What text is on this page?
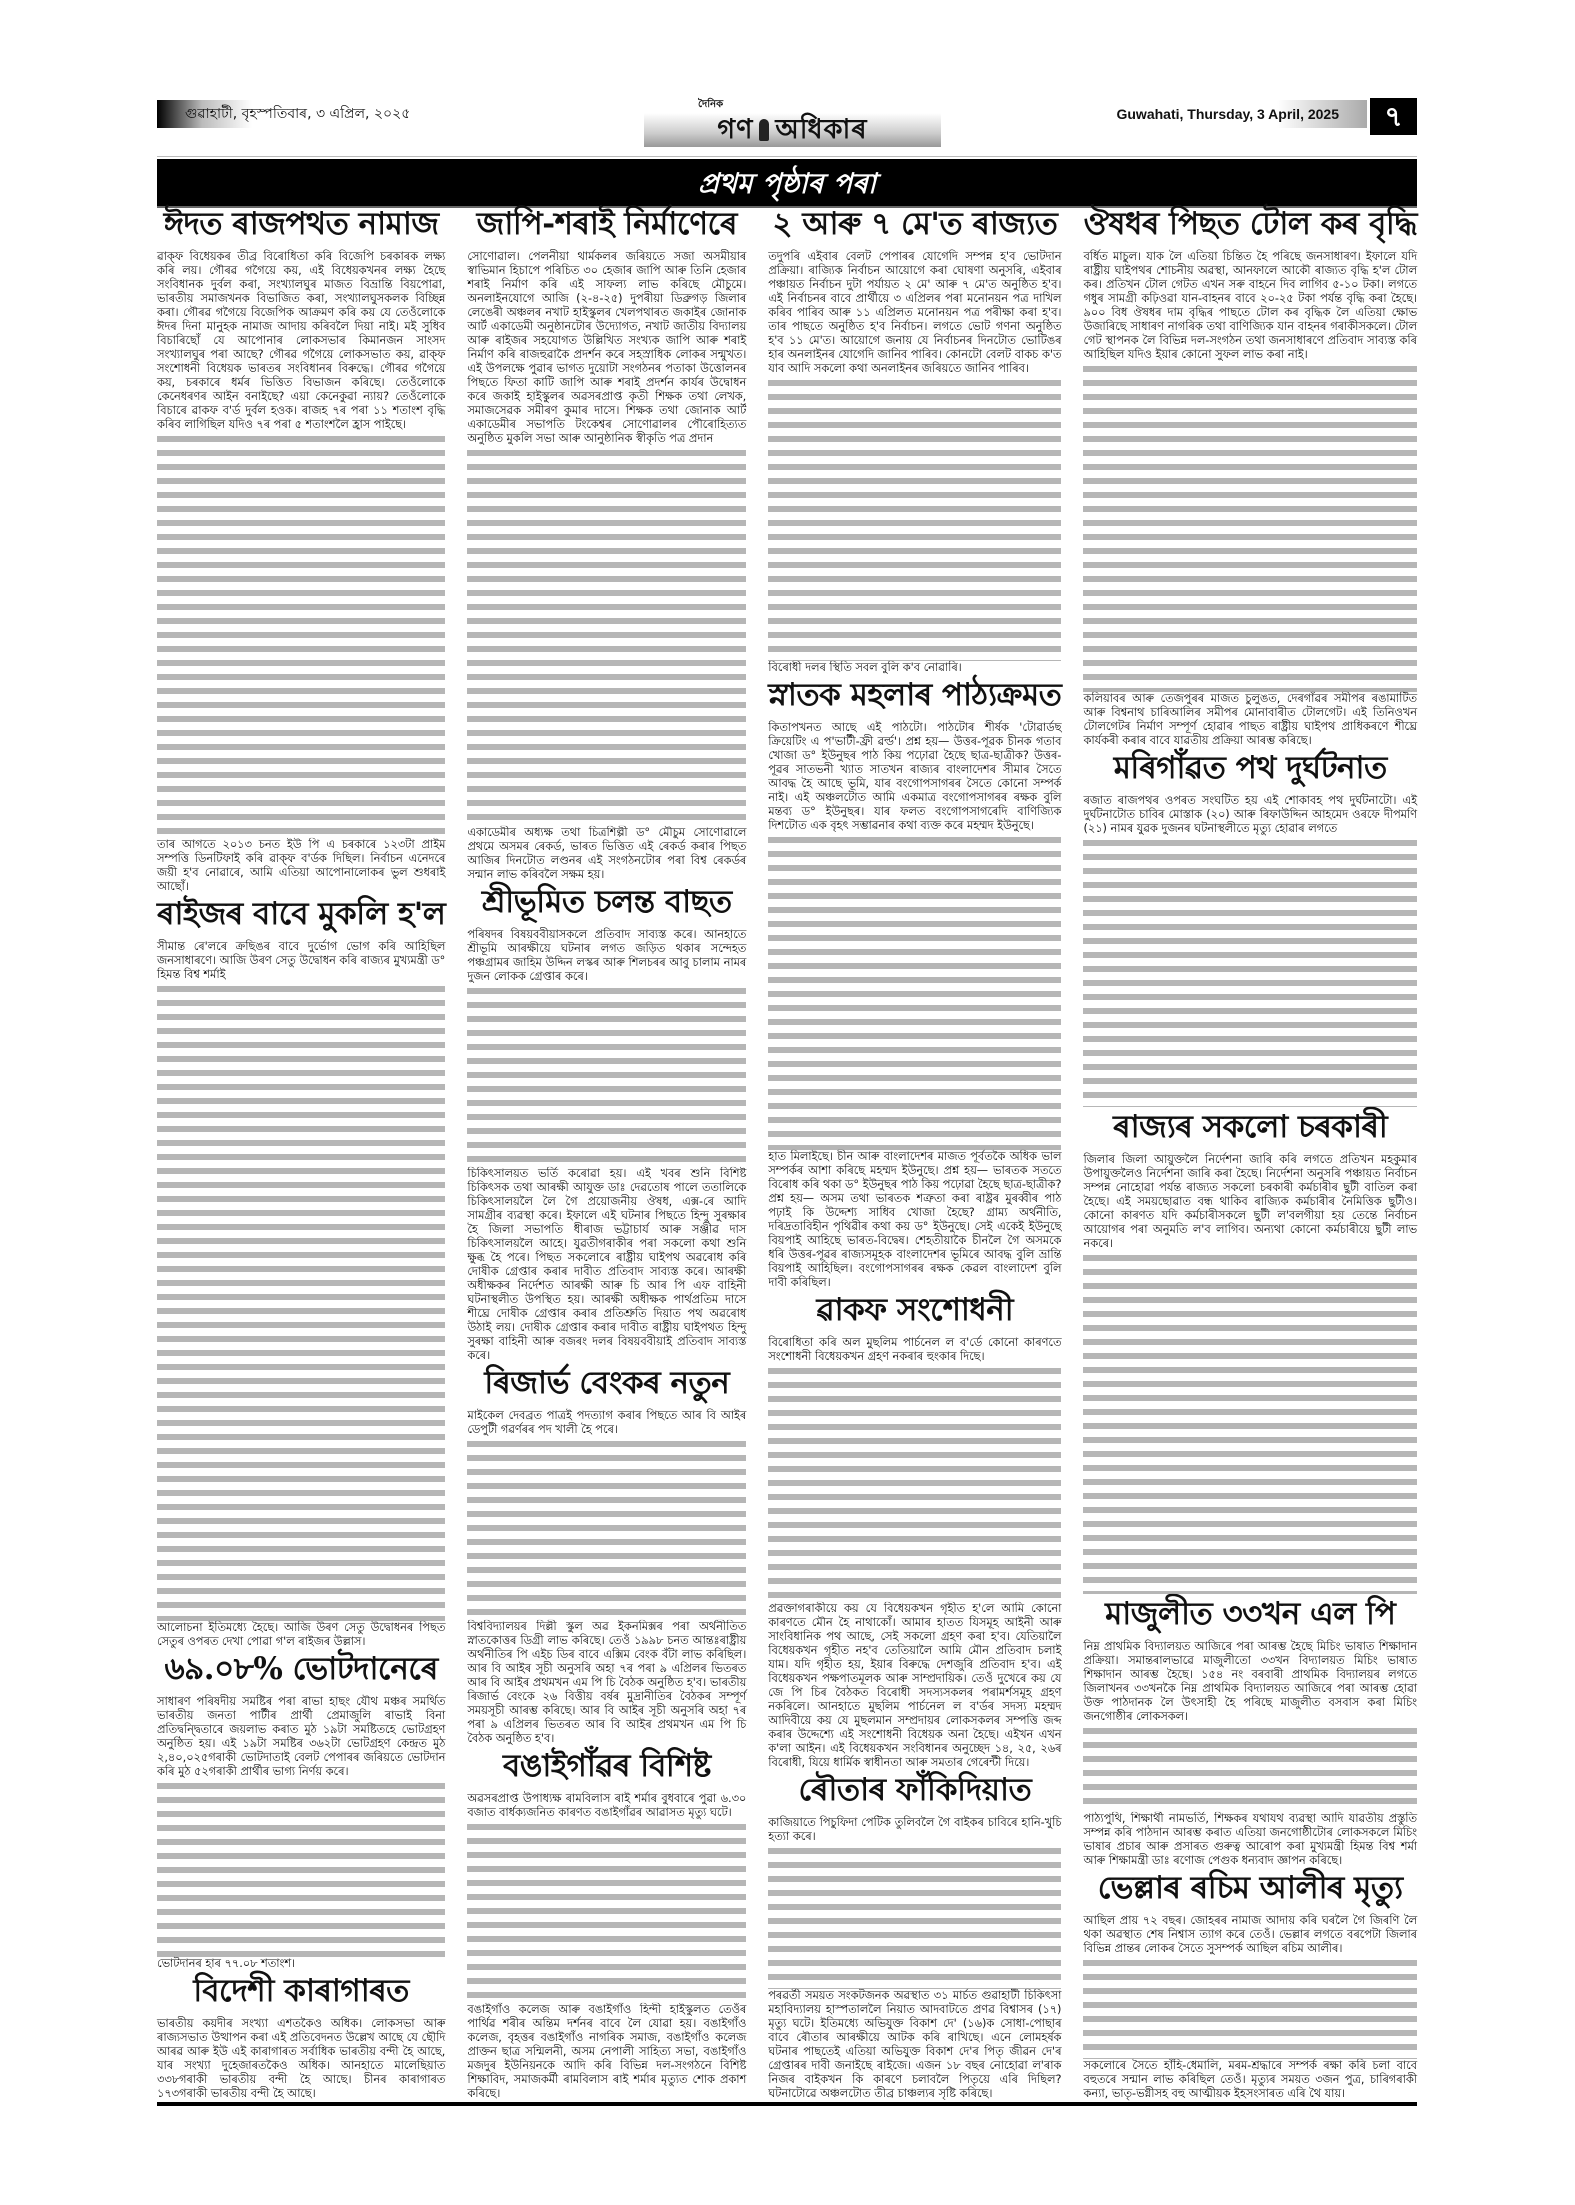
গুৱাহাটী, বৃহস্পতিবাৰ, ৩ এপ্ৰিল, ২০২৫
দৈনিক
গণ অধিকাৰ	Guwahati, Thursday, 3 April, 2025	৭
প্ৰথম পৃষ্ঠাৰ পৰা
ঈদত ৰাজপথত নামাজ

ৱাক্ফ বিধেয়কৰ তীব্ৰ বিৰোধিতা কৰি বিজেপি চৰকাৰক লক্ষ্য কৰি লয়। গৌৰৱ গগৈয়ে কয়, এই বিধেয়কখনৰ লক্ষ্য হৈছে সংবিধানক দুৰ্বল কৰা, সংখ্যালঘুৰ মাজত বিভ্ৰান্তি বিয়পোৱা, ভাৰতীয় সমাজখনক বিভাজিত কৰা, সংখ্যালঘুসকলক বিচ্ছিন্ন কৰা। গৌৰৱ গগৈয়ে বিজেপিক আক্ৰমণ কৰি কয় যে তেওঁলোকে ঈদৰ দিনা মানুহক নামাজ আদায় কৰিবলৈ দিয়া নাই। মই সুধিব বিচাৰিছোঁ যে আপোনাৰ লোকসভাৰ কিমানজন সাংসদ সংখ্যালঘুৰ পৰা আছে? গৌৰৱ গগৈয়ে লোকসভাত কয়, ৱাক্ফ সংশোধনী বিধেয়ক ভাৰতৰ সংবিধানৰ বিৰুদ্ধে। গৌৰৱ গগৈয়ে কয়, চৰকাৰে ধৰ্মৰ ভিত্তিত বিভাজন কৰিছে। তেওঁলোকে কেনেধৰণৰ আইন বনাইছে? এয়া কেনেকুৱা ন্যায়? তেওঁলোকে বিচাৰে ৱাকফ ব'ৰ্ড দুৰ্বল হওক। ৰাজহ ৭ৰ পৰা ১১ শতাংশ বৃদ্ধি কৰিব লাগিছিল যদিও ৭ৰ পৰা ৫ শতাংশলৈ হ্ৰাস পাইছে।

তাৰ আগতে ২০১৩ চনত ইউ পি এ চৰকাৰে ১২৩টা প্ৰাইম সম্পত্তি ডিনটিফাই কৰি ৱাক্ফ ব'ৰ্ডক দিছিল। নিৰ্বাচন এনেদৰে জয়ী হ'ব নোৱাৰে, আমি এতিয়া আপোনালোকৰ ভুল শুধৰাই আছোঁ।

ৰাইজৰ বাবে মুকলি হ'ল

সীমান্ত ৰে'লৰে ক্ৰছিঙৰ বাবে দুৰ্ভোগ ভোগ কৰি আহিছিল জনসাধাৰণে। আজি উৰণ সেতু উদ্বোধন কৰি ৰাজ্যৰ মুখ্যমন্ত্ৰী ড° হিমন্ত বিশ্ব শৰ্মাই

আলোচনা ইতিমধ্যে হৈছে। আজি উৰণ সেতু উদ্বোধনৰ পিছত সেতুৰ ওপৰত দেখা পোৱা গ'ল ৰাইজৰ উল্লাস।

৬৯.০৮% ভোটদানেৰে

সাধাৰণ পৰিষদীয় সমষ্টিৰ পৰা ৰাভা হাছং যৌথ মঞ্চৰ সমৰ্থিত ভাৰতীয় জনতা পাৰ্টীৰ প্ৰাৰ্থী প্ৰেমাজুলি ৰাভাই বিনা প্ৰতিদ্বন্দ্বিতাৰে জয়লাভ কৰাত মুঠ ১৯টা সমষ্টিতহে ভোটগ্ৰহণ অনুষ্ঠিত হয়। এই ১৯টা সমষ্টিৰ ৩৬২টা ভোটগ্ৰহণ কেন্দ্ৰত মুঠ ২,৪০,০২৫গৰাকী ভোটদাতাই বেলট পেপাৰৰ জৰিয়তে ভোটদান কৰি মুঠ ৫২গৰাকী প্ৰাৰ্থীৰ ভাগ্য নিৰ্ণয় কৰে।

ভোটদানৰ হাৰ ৭৭.০৮ শতাংশ।

বিদেশী কাৰাগাৰত

ভাৰতীয় কয়দীৰ সংখ্যা এশতকৈও অধিক। লোকসভা আৰু ৰাজ্যসভাত উত্থাপন কৰা এই প্ৰতিবেদনত উল্লেখ আছে যে ছৌদি আৰৱ আৰু ইউ এই কাৰাগাৰত সৰ্বাধিক ভাৰতীয় বন্দী হৈ আছে, যাৰ সংখ্যা দুহেজাৰতকৈও অধিক। আনহাতে মালেছিয়াত ৩৩৮গৰাকী ভাৰতীয় বন্দী হৈ আছে। চীনৰ কাৰাগাৰত ১৭৩গৰাকী ভাৰতীয় বন্দী হৈ আছে।

জাপি-শৰাই নিৰ্মাণেৰে

সোণোৱাল। পেলনীয়া থাৰ্মকলৰ জৰিয়তে সজা অসমীয়াৰ স্বাভিমান হিচাপে পৰিচিত ৩০ হেজাৰ জাপি আৰু তিনি হেজাৰ শৰাই নিৰ্মাণ কৰি এই সাফল্য লাভ কৰিছে মৌচুমে। অনলাইনযোগে আজি (২-৪-২৫) দুপৰীয়া ডিব্ৰুগড় জিলাৰ লেঙেৰী অঞ্চলৰ নখাট হাইস্কুলৰ খেলপথাৰত জকাইৰ জোনাক আৰ্ট একাডেমী অনুষ্ঠানটোৰ উদ্যোগত, নখাট জাতীয় বিদ্যালয় আৰু ৰাইজৰ সহযোগত উল্লিখিত সংখ্যক জাপি আৰু শৰাই নিৰ্মাণ কৰি ৰাজহুৱাকৈ প্ৰদৰ্শন কৰে সহস্ৰাধিক লোকৰ সন্মুখত। এই উপলক্ষে পুৱাৰ ভাগত দুয়োটা সংগঠনৰ পতাকা উত্তোলনৰ পিছতে ফিতা কাটি জাপি আৰু শৰাই প্ৰদৰ্শন কাৰ্যৰ উদ্বোধন কৰে জকাই হাইস্কুলৰ অৱসৰপ্ৰাপ্ত কৃতী শিক্ষক তথা লেখক, সমাজসেৱক সমীৰণ কুমাৰ দাসে। শিক্ষক তথা জোনাক আৰ্ট একাডেমীৰ সভাপতি টংকেশ্বৰ সোণোৱালৰ পৌৰোহিত্যত অনুষ্ঠিত মুকলি সভা আৰু আনুষ্ঠানিক স্বীকৃতি পত্ৰ প্ৰদান

একাডেমীৰ অধ্যক্ষ তথা চিত্ৰশিল্পী ড° মৌচুম সোণোৱালে প্ৰথমে অসমৰ ৰেকৰ্ড, ভাৰত ভিত্তিত এই ৰেকৰ্ড কৰাৰ পিছত আজিৰ দিনটোত লণ্ডনৰ এই সংগঠনটোৰ পৰা বিশ্ব ৰেকৰ্ডৰ সন্মান লাভ কৰিবলৈ সক্ষম হয়।

শ্ৰীভূমিত চলন্ত বাছত

পৰিষদৰ বিষয়ববীয়াসকলে প্ৰতিবাদ সাব্যস্ত কৰে। আনহাতে শ্ৰীভূমি আৰক্ষীয়ে ঘটনাৰ লগত জড়িত থকাৰ সন্দেহত পঞ্চগ্ৰামৰ জাহিম উদ্দিন লস্কৰ আৰু শিলচৰৰ আবু চালাম নামৰ দুজন লোকক গ্ৰেপ্তাৰ কৰে।

চিকিৎসালয়ত ভৰ্তি কৰোৱা হয়। এই খবৰ শুনি বিশিষ্ট চিকিৎসক তথা আৰক্ষী আযুক্ত ডাঃ দেৱতোষ পালে ততালিকে চিকিৎসালয়লৈ লৈ গৈ প্ৰয়োজনীয় ঔষধ, এক্স-ৰে আদি সামগ্ৰীৰ ব্যৱস্থা কৰে। ইফালে এই ঘটনাৰ পিছতে হিন্দু সুৰক্ষাৰ হৈ জিলা সভাপতি ধীৰাজ ভট্টাচাৰ্য আৰু সঞ্জীৱ দাস চিকিৎসালয়লৈ আহে। যুৱতীগৰাকীৰ পৰা সকলো কথা শুনি ক্ষুব্ধ হৈ পৰে। পিছত সকলোৰে ৰাষ্ট্ৰীয় ঘাইপথ অৱৰোধ কৰি দোষীক গ্ৰেপ্তাৰ কৰাৰ দাবীত প্ৰতিবাদ সাব্যস্ত কৰে। আৰক্ষী অধীক্ষকৰ নিৰ্দেশত আৰক্ষী আৰু চি আৰ পি এফ বাহিনী ঘটনাস্থলীত উপস্থিত হয়। আৰক্ষী অধীক্ষক পাৰ্থপ্ৰতিম দাসে শীঘ্ৰে দোষীক গ্ৰেপ্তাৰ কৰাৰ প্ৰতিশ্ৰুতি দিয়াত পথ অৱৰোধ উঠাই লয়। দোষীক গ্ৰেপ্তাৰ কৰাৰ দাবীত ৰাষ্ট্ৰীয় ঘাইপথত হিন্দু সুৰক্ষা বাহিনী আৰু বজৰং দলৰ বিষয়ববীয়াই প্ৰতিবাদ সাব্যস্ত কৰে।

ৰিজাৰ্ভ বেংকৰ নতুন

মাইকেল দেবব্ৰত পাত্ৰই পদত্যাগ কৰাৰ পিছতে আৰ বি আইৰ ডেপুটী গৱৰ্ণৰৰ পদ খালী হৈ পৰে।

বিশ্ববিদ্যালয়ৰ দিল্লী স্কুল অৱ ইকনমিক্সৰ পৰা অৰ্থনীতিত স্নাতকোত্তৰ ডিগ্ৰী লাভ কৰিছে। তেওঁ ১৯৯৮ চনত আন্তঃৰাষ্ট্ৰীয় অৰ্থনীতিৰ পি এইচ ডিৰ বাবে এক্সিম বেংক বঁটা লাভ কৰিছিল। আৰ বি আইৰ সূচী অনুসৰি অহা ৭ৰ পৰা ৯ এপ্ৰিলৰ ভিতৰত আৰ বি আইৰ প্ৰথমখন এম পি চি বৈঠক অনুষ্ঠিত হ'ব। ভাৰতীয় ৰিজাৰ্ভ বেংকে ২৬ বিত্তীয় বৰ্ষৰ মুদ্ৰানীতিৰ বৈঠকৰ সম্পূৰ্ণ সময়সূচী আৰম্ভ কৰিছে। আৰ বি আইৰ সূচী অনুসৰি অহা ৭ৰ পৰা ৯ এপ্ৰিলৰ ভিতৰত আৰ বি আইৰ প্ৰথমখন এম পি চি বৈঠক অনুষ্ঠিত হ'ব।

বঙাইগাঁৱৰ বিশিষ্ট

অৱসৰপ্ৰাপ্ত উপাধ্যক্ষ ৰামবিলাস ৰাই শৰ্মাৰ বুধবাৰে পুৱা ৬.৩০ বজাত বাৰ্ধক্যজনিত কাৰণত বঙাইগাঁৱৰ আৱাসত মৃত্যু ঘটে।

বঙাইগাঁও কলেজ আৰু বঙাইগাঁও হিন্দী হাইস্কুলত তেওঁৰ পাৰ্থিৱ শৰীৰ অন্তিম দৰ্শনৰ বাবে লৈ যোৱা হয়। বঙাইগাঁও কলেজ, বৃহত্তৰ বঙাইগাঁও নাগৰিক সমাজ, বঙাইগাঁও কলেজ প্ৰাক্তন ছাত্ৰ সন্মিলনী, অসম নেপালী সাহিত্য সভা, বঙাইগাঁও মজদুৰ ইউনিয়নকে আদি কৰি বিভিন্ন দল-সংগঠনে বিশিষ্ট শিক্ষাবিদ, সমাজকৰ্মী ৰামবিলাস ৰাই শৰ্মাৰ মৃত্যুত শোক প্ৰকাশ কৰিছে।

২ আৰু ৭ মে'ত ৰাজ্যত

তদুপৰি এইবাৰ বেলট পেপাৰৰ যোগেদি সম্পন্ন হ'ব ভোটদান প্ৰক্ৰিয়া। ৰাজ্যিক নিৰ্বাচন আয়োগে কৰা ঘোষণা অনুসৰি, এইবাৰ পঞ্চায়ত নিৰ্বাচন দুটা পৰ্যায়ত ২ মে' আৰু ৭ মে'ত অনুষ্ঠিত হ'ব। এই নিৰ্বাচনৰ বাবে প্ৰাৰ্থীয়ে ৩ এপ্ৰিলৰ পৰা মনোনয়ন পত্ৰ দাখিল কৰিব পাৰিব আৰু ১১ এপ্ৰিলত মনোনয়ন পত্ৰ পৰীক্ষা কৰা হ'ব। তাৰ পাছতে অনুষ্ঠিত হ'ব নিৰ্বাচন। লগতে ভোট গণনা অনুষ্ঠিত হ'ব ১১ মে'ত। আয়োগে জনায় যে নিৰ্বাচনৰ দিনটোত ভোটিঙৰ হাৰ অনলাইনৰ যোগেদি জানিব পাৰিব। কোনটো বেলট বাকচ ক'ত যাব আদি সকলো কথা অনলাইনৰ জৰিয়তে জানিব পাৰিব।

বিৰোধী দলৰ স্থিতি সবল বুলি ক'ব নোৱাৰি।

স্নাতক মহলাৰ পাঠ্যক্ৰমত

কিতাপখনত আছে এই পাঠটো। পাঠটোৰ শীৰ্ষক 'টোৱাৰ্ডছ ক্ৰিয়েটিং এ প'ভাৰ্টী-ফ্ৰী ৱৰ্ল্ড'। প্ৰশ্ন হয়— উত্তৰ-পূৱক চীনক গতাব খোজা ড° ইউনুছৰ পাঠ কিয় পঢ়োৱা হৈছে ছাত্ৰ-ছাত্ৰীক? উত্তৰ-পূৱৰ সাতভনী খ্যাত সাতখন ৰাজ্যৰ বাংলাদেশৰ সীমাৰ সৈতে আবদ্ধ হৈ আছে ভূমি, যাৰ বংগোপসাগৰৰ সৈতে কোনো সম্পৰ্ক নাই। এই অঞ্চলটোত আমি একমাত্ৰ বংগোপসাগৰৰ ৰক্ষক বুলি মন্তব্য ড° ইউনুছৰ। যাৰ ফলত বংগোপসাগৰেদি বাণিজ্যিক দিশটোত এক বৃহৎ সম্ভাৱনাৰ কথা ব্যক্ত কৰে মহম্মদ ইউনুছে।

হাত মিলাইছে। চীন আৰু বাংলাদেশৰ মাজত পূৰ্বতকৈ অধিক ভাল সম্পৰ্কৰ আশা কৰিছে মহম্মদ ইউনুছে। প্ৰশ্ন হয়— ভাৰতক সততে বিৰোধ কৰি থকা ড° ইউনুছৰ পাঠ কিয় পঢ়োৱা হৈছে ছাত্ৰ-ছাত্ৰীক? প্ৰশ্ন হয়— অসম তথা ভাৰতক শত্ৰুতা কৰা ৰাষ্ট্ৰৰ মুৰব্বীৰ পাঠ পঢ়াই কি উদ্দেশ্য সাধিব খোজা হৈছে? গ্ৰাম্য অৰ্থনীতি, দৰিদ্ৰতাবিহীন পৃথিৱীৰ কথা কয় ড° ইউনুছে। সেই একেই ইউনুছে বিয়পাই আহিছে ভাৰত-বিদ্বেষ। শেহতীয়াকৈ চীনলৈ গৈ অসমকে ধৰি উত্তৰ-পূৱৰ ৰাজ্যসমূহক বাংলাদেশৰ ভূমিৰে আবদ্ধ বুলি ভ্ৰান্তি বিয়পাই আহিছিল। বংগোপসাগৰৰ ৰক্ষক কেৱল বাংলাদেশ বুলি দাবী কৰিছিল।

ৱাকফ সংশোধনী

বিৰোধিতা কৰি অল মুছলিম পাৰ্চনেল ল ব'ৰ্ডে কোনো কাৰণতে সংশোধনী বিধেয়কখন গ্ৰহণ নকৰাৰ হুংকাৰ দিছে।

প্ৰৱক্তাগৰাকীয়ে কয় যে বিধেয়কখন গৃহীত হ'লে আমি কোনো কাৰণতে মৌন হৈ নাথাকোঁ। আমাৰ হাতত যিসমূহ আইনী আৰু সাংবিধানিক পথ আছে, সেই সকলো গ্ৰহণ কৰা হ'ব। যেতিয়ালৈ বিধেয়কখন গৃহীত নহ'ব তেতিয়ালৈ আমি মৌন প্ৰতিবাদ চলাই যাম। যদি গৃহীত হয়, ইয়াৰ বিৰুদ্ধে দেশজুৰি প্ৰতিবাদ হ'ব। এই বিধেয়কখন পক্ষপাতমূলক আৰু সাম্প্ৰদায়িক। তেওঁ দুখেৰে কয় যে জে পি চিৰ বৈঠকত বিৰোধী সদস্যসকলৰ পৰামৰ্শসমূহ গ্ৰহণ নকৰিলে। আনহাতে মুছলিম পাৰ্চনেল ল ব'ৰ্ডৰ সদস্য মহম্মদ আদিবীয়ে কয় যে মুছলমান সম্প্ৰদায়ৰ লোকসকলৰ সম্পত্তি জব্দ কৰাৰ উদ্দেশ্যে এই সংশোধনী বিধেয়ক অনা হৈছে। এইখন এখন ক'লা আইন। এই বিধেয়কখন সংবিধানৰ অনুচ্ছেদ ১৪, ২৫, ২৬ৰ বিৰোধী, যিয়ে ধাৰ্মিক স্বাধীনতা আৰু সমতাৰ গেৰেন্টী দিয়ে।

ৰৌতাৰ ফাঁকিদিয়াত

কাজিয়াতে পিচুফিদা পেটিক তুলিবলৈ গৈ বাইকৰ চাবিৰে হানি-খুচি হত্যা কৰে।

পৰৱৰ্তী সময়ত সংকটজনক অৱস্থাত ৩১ মাৰ্চত গুৱাহাটী চিকিৎসা মহাবিদ্যালয় হাস্পতাললৈ নিয়াত আদবাটতে প্ৰণৱ বিশ্বাসৰ (১৭) মৃত্যু ঘটে। ইতিমধ্যে অভিযুক্ত বিকাশ দে' (১৬)ক সোধা-পোছাৰ বাবে ৰৌতাৰ আৰক্ষীয়ে আটক কৰি ৰাখিছে। এনে লোমহৰ্ষক ঘটনাৰ পাছতেই এতিয়া অভিযুক্ত বিকাশ দে'ৰ পিতৃ জীৱন দে'ৰ গ্ৰেপ্তাৰৰ দাবী জনাইছে ৰাইজে। এজন ১৮ বছৰ নোহোৱা ল'ৰাক নিজৰ বাইকখন কি কাৰণে চলাবলৈ পিতৃয়ে এৰি দিছিল? ঘটনাটোৱে অঞ্চলটোত তীব্ৰ চাঞ্চল্যৰ সৃষ্টি কৰিছে।

ঔষধৰ পিছত টোল কৰ বৃদ্ধি

বৰ্ধিত মাচুল। যাক লৈ এতিয়া চিন্তিত হৈ পৰিছে জনসাধাৰণ। ইফালে যদি ৰাষ্ট্ৰীয় ঘাইপথৰ শোচনীয় অৱস্থা, আনফালে আকৌ ৰাজ্যত বৃদ্ধি হ'ল টোল কৰ। প্ৰতিখন টোল গেটত এখন সৰু বাহনে দিব লাগিব ৫-১০ টকা। লগতে গধুৰ সামগ্ৰী কঢ়িওৱা যান-বাহনৰ বাবে ২০-২৫ টকা পৰ্যন্ত বৃদ্ধি কৰা হৈছে। ৯০০ বিধ ঔষধৰ দাম বৃদ্ধিৰ পাছতে টোল কৰ বৃদ্ধিক লৈ এতিয়া ক্ষোভ উজাৰিছে সাধাৰণ নাগৰিক তথা বাণিজ্যিক যান বাহনৰ গৰাকীসকলে। টোল গেট স্থাপনক লৈ বিভিন্ন দল-সংগঠন তথা জনসাধাৰণে প্ৰতিবাদ সাব্যস্ত কৰি আহিছিল যদিও ইয়াৰ কোনো সুফল লাভ কৰা নাই।

কলিয়াবৰ আৰু তেজপুৰৰ মাজত চুলুঙত, দেৰগাঁৱৰ সমীপৰ ৰঙামাটিত আৰু বিশ্বনাথ চাৰিআলিৰ সমীপৰ মোনাবাৰীত টোলগেট। এই তিনিওখন টোলগেটৰ নিৰ্মাণ সম্পূৰ্ণ হোৱাৰ পাছত ৰাষ্ট্ৰীয় ঘাইপথ প্ৰাধিকৰণে শীঘ্ৰে কাৰ্যকৰী কৰাৰ বাবে যাৱতীয় প্ৰক্ৰিয়া আৰম্ভ কৰিছে।

মৰিগাঁৱত পথ দুৰ্ঘটনাত

ৰজাত ৰাজপথৰ ওপৰত সংঘটিত হয় এই শোকাবহ পথ দুৰ্ঘটনাটো। এই দুৰ্ঘটনাটোত চাবিৰ মোস্তাক (২০) আৰু ৰিফাউদ্দিন আহমেদ ওৰফে দীপমণি (২১) নামৰ যুৱক দুজনৰ ঘটনাস্থলীতে মৃত্যু হোৱাৰ লগতে

ৰাজ্যৰ সকলো চৰকাৰী

জিলাৰ জিলা আয়ুক্তলৈ নিৰ্দেশনা জাৰি কৰি লগতে প্ৰতিখন মহকুমাৰ উপায়ুক্তলৈও নিৰ্দেশনা জাৰি কৰা হৈছে। নিৰ্দেশনা অনুসৰি পঞ্চায়ত নিৰ্বাচন সম্পন্ন নোহোৱা পৰ্যন্ত ৰাজ্যত সকলো চৰকাৰী কৰ্মচাৰীৰ ছুটী বাতিল কৰা হৈছে। এই সময়ছোৱাত বন্ধ থাকিব ৰাজ্যিক কৰ্মচাৰীৰ নৈমিত্তিক ছুটীও। কোনো কাৰণত যদি কৰ্মচাৰীসকলে ছুটী ল'বলগীয়া হয় তেন্তে নিৰ্বাচন আয়োগৰ পৰা অনুমতি ল'ব লাগিব। অন্যথা কোনো কৰ্মচাৰীয়ে ছুটী লাভ নকৰে।

মাজুলীত ৩৩খন এল পি

নিম্ন প্ৰাথমিক বিদ্যালয়ত আজিৰে পৰা আৰম্ভ হৈছে মিচিং ভাষাত শিক্ষাদান প্ৰক্ৰিয়া। সমান্তৰালভাৱে মাজুলীতো ৩৩খন বিদ্যালয়ত মিচিং ভাষাত শিক্ষাদান আৰম্ভ হৈছে। ১৫৪ নং বৰবাৰী প্ৰাথমিক বিদ্যালয়ৰ লগতে জিলাখনৰ ৩৩খনকৈ নিম্ন প্ৰাথমিক বিদ্যালয়ত আজিৰে পৰা আৰম্ভ হোৱা উক্ত পাঠদানক লৈ উৎসাহী হৈ পৰিছে মাজুলীত বসবাস কৰা মিচিং জনগোষ্ঠীৰ লোকসকল।

পাঠ্যপুথি, শিক্ষাৰ্থী নামভৰ্তি, শিক্ষকৰ যথাযথ ব্যৱস্থা আদি যাৱতীয় প্ৰস্তুতি সম্পন্ন কৰি পাঠদান আৰম্ভ কৰাত এতিয়া জনগোষ্ঠীটোৰ লোকসকলে মিচিং ভাষাৰ প্ৰচাৰ আৰু প্ৰসাৰত গুৰুত্ব আৰোপ কৰা মুখ্যমন্ত্ৰী হিমন্ত বিশ্ব শৰ্মা আৰু শিক্ষামন্ত্ৰী ডাঃ ৰণোজ পেগুক ধন্যবাদ জ্ঞাপন কৰিছে।

ভেল্লাৰ ৰচিম আলীৰ মৃত্যু

আছিল প্ৰায় ৭২ বছৰ। জোহৰৰ নামাজ আদায় কৰি ঘৰলৈ গৈ জিৰণি লৈ থকা অৱস্থাত শেষ নিশ্বাস ত্যাগ কৰে তেওঁ। ভেল্লাৰ লগতে বৰপেটা জিলাৰ বিভিন্ন প্ৰান্তৰ লোকৰ সৈতে সুসম্পৰ্ক আছিল ৰচিম আলীৰ।

সকলোৰে সৈতে হাঁহি-ধেমালি, মৰম-শ্ৰদ্ধাৰে সম্পৰ্ক ৰক্ষা কৰি চলা বাবে বহুতৰে সন্মান লাভ কৰিছিল তেওঁ। মৃত্যুৰ সময়ত ৩জন পুত্ৰ, চাৰিগৰাকী কন্যা, ভাতৃ-ভগ্নীসহ বহু আত্মীয়ক ইহসংসাৰত এৰি থৈ যায়।
